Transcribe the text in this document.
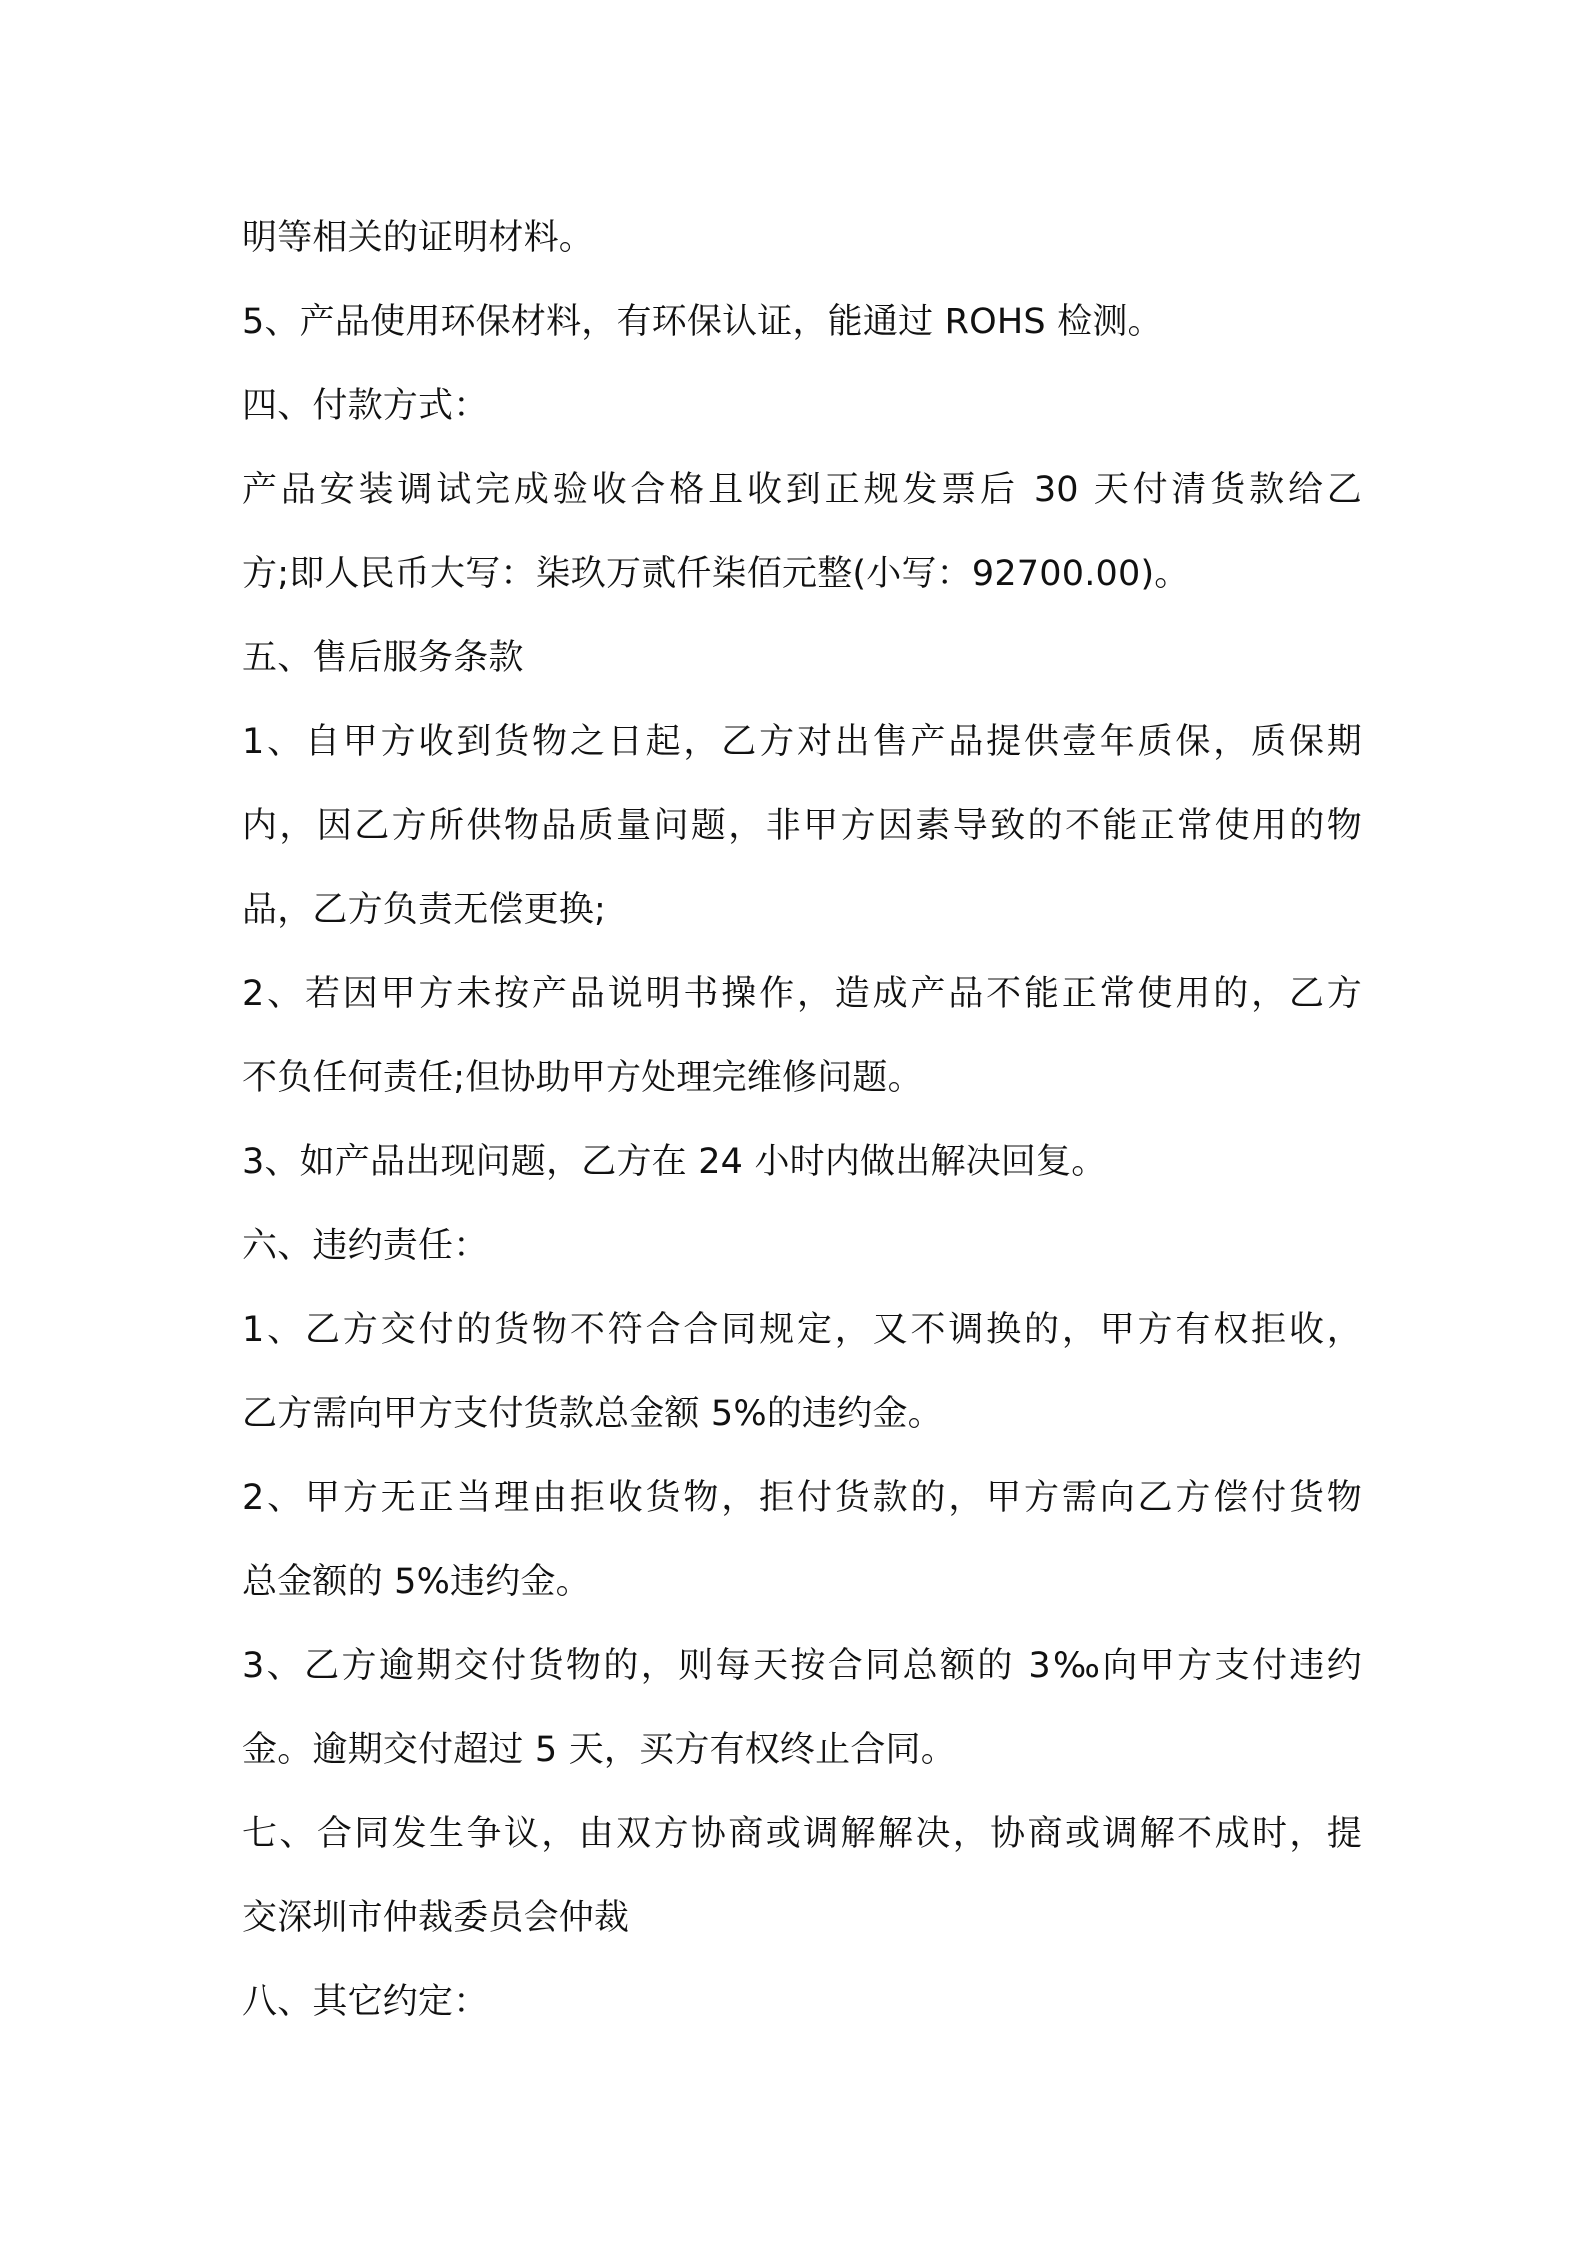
明等相关的证明材料。
5、产品使用环保材料，有环保认证，能通过 ROHS 检测。
四、付款方式：
产品安装调试完成验收合格且收到正规发票后 30 天付清货款给乙
方;即人民币大写：柒玖万贰仟柒佰元整(小写：92700.00)。
五、售后服务条款
1、自甲方收到货物之日起，乙方对出售产品提供壹年质保，质保期
内，因乙方所供物品质量问题，非甲方因素导致的不能正常使用的物
品，乙方负责无偿更换;
2、若因甲方未按产品说明书操作，造成产品不能正常使用的，乙方
不负任何责任;但协助甲方处理完维修问题。
3、如产品出现问题，乙方在 24 小时内做出解决回复。
六、违约责任：
1、乙方交付的货物不符合合同规定，又不调换的，甲方有权拒收，
乙方需向甲方支付货款总金额 5%的违约金。
2、甲方无正当理由拒收货物，拒付货款的，甲方需向乙方偿付货物
总金额的 5%违约金。
3、乙方逾期交付货物的，则每天按合同总额的 3‰向甲方支付违约
金。逾期交付超过 5 天，买方有权终止合同。
七、合同发生争议，由双方协商或调解解决，协商或调解不成时，提
交深圳市仲裁委员会仲裁
八、其它约定：
